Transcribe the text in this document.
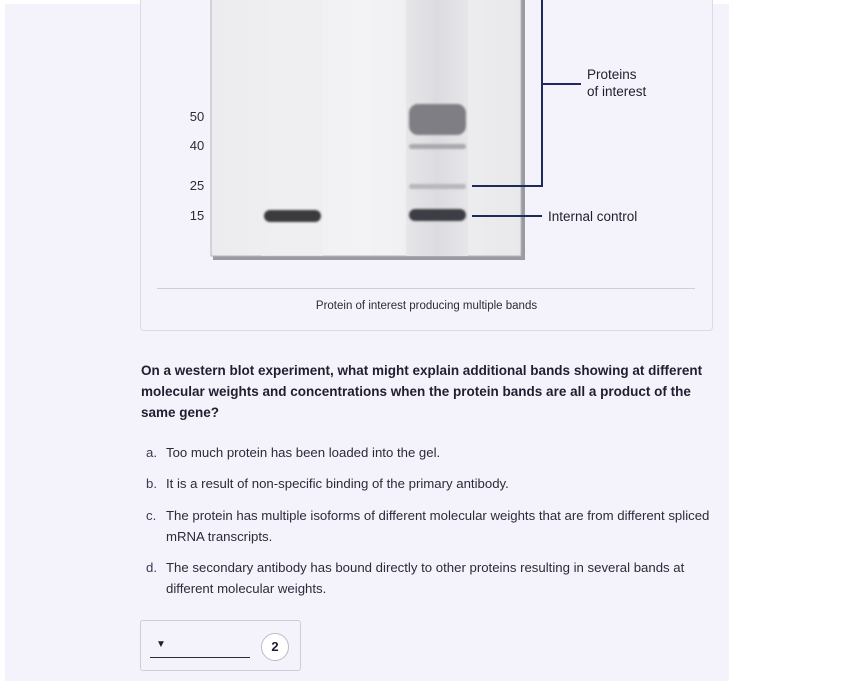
50
40
25
15
Proteins
of interest
Internal control
Protein of interest producing multiple bands
On a western blot experiment, what might explain additional bands showing at different molecular weights and concentrations when the protein bands are all a product of the same gene?
a. Too much protein has been loaded into the gel.
b. It is a result of non-specific binding of the primary antibody.
c. The protein has multiple isoforms of different molecular weights that are from different spliced mRNA transcripts.
d. The secondary antibody has bound directly to other proteins resulting in several bands at different molecular weights.
▼	2
